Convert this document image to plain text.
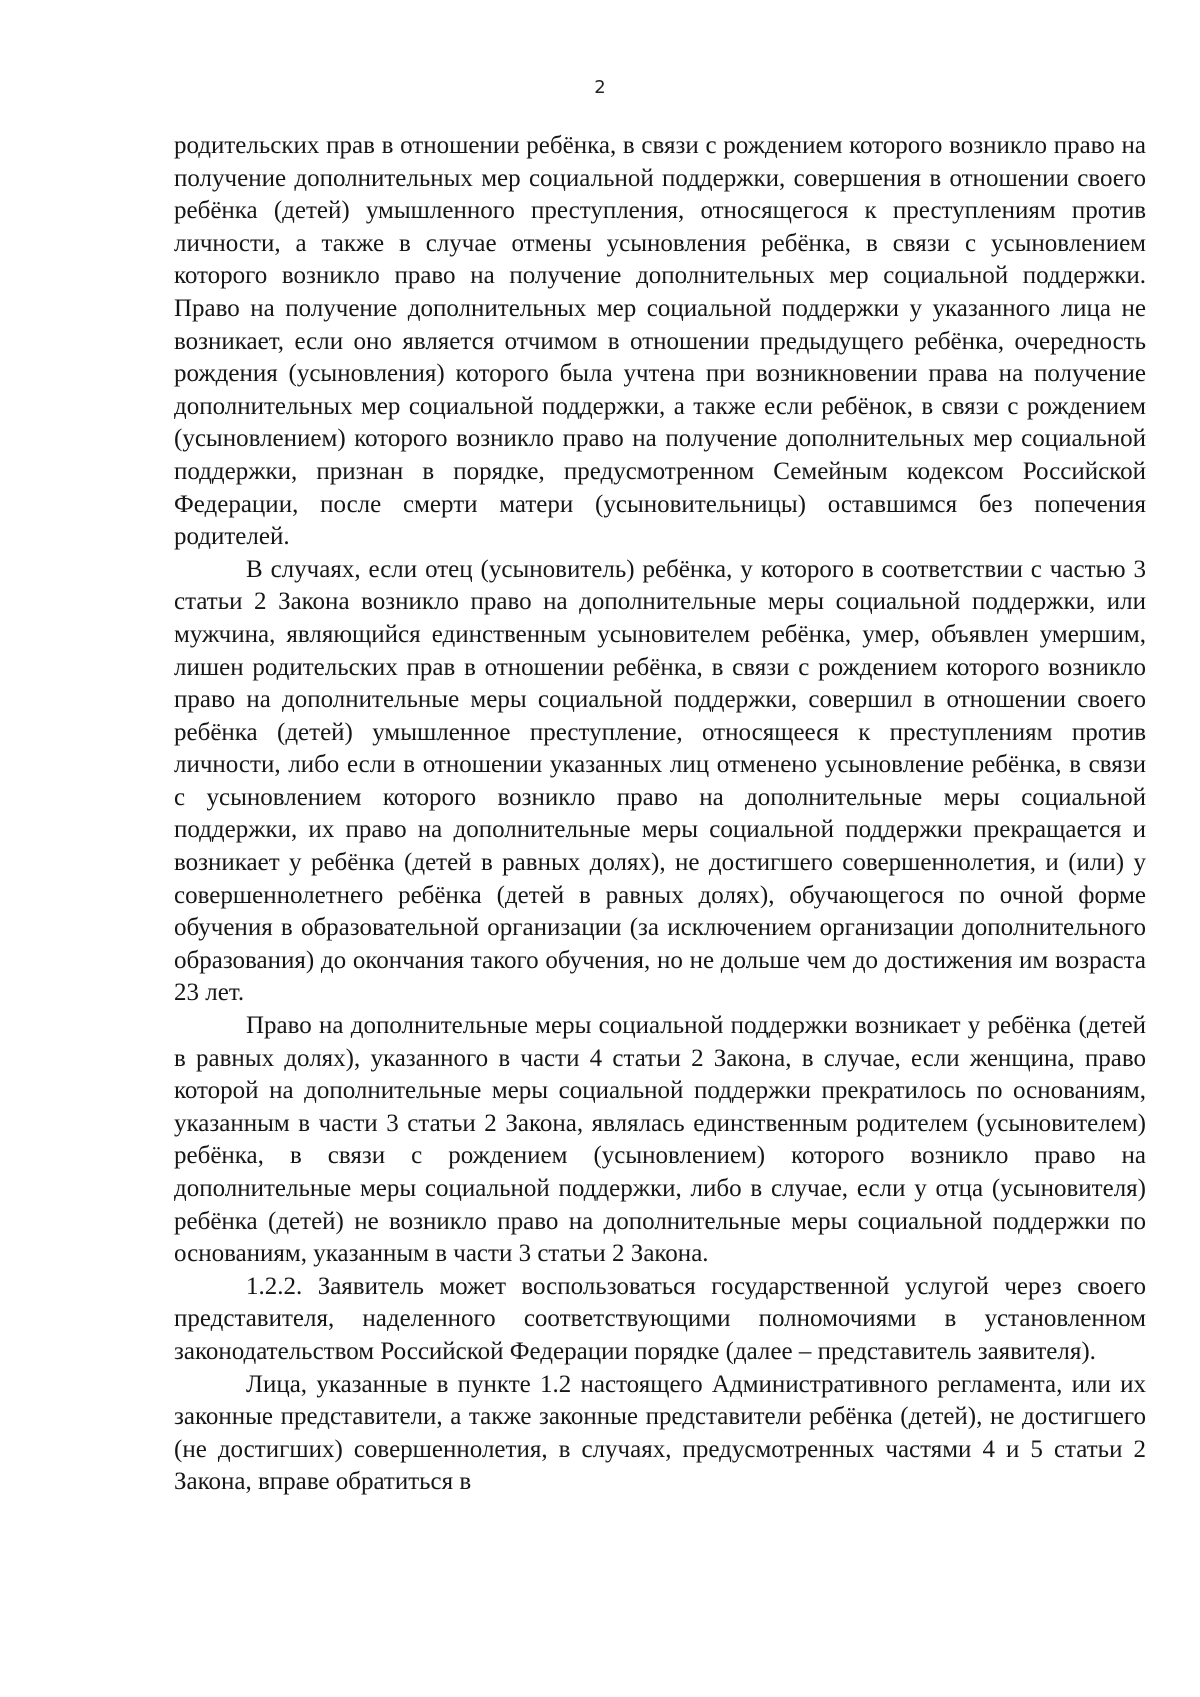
2

родительских прав в отношении ребёнка, в связи с рождением которого возникло право на получение дополнительных мер социальной поддержки, совершения в отношении своего ребёнка (детей) умышленного преступления, относящегося к преступлениям против личности, а также в случае отмены усыновления ребёнка, в связи с усыновлением которого возникло право на получение дополнительных мер социальной поддержки. Право на получение дополнительных мер социальной поддержки у указанного лица не возникает, если оно является отчимом в отношении предыдущего ребёнка, очередность рождения (усыновления) которого была учтена при возникновении права на получение дополнительных мер социальной поддержки, а также если ребёнок, в связи с рождением (усыновлением) которого возникло право на получение дополнительных мер социальной поддержки, признан в порядке, предусмотренном Семейным кодексом Российской Федерации, после смерти матери (усыновительницы) оставшимся без попечения родителей.

В случаях, если отец (усыновитель) ребёнка, у которого в соответствии с частью 3 статьи 2 Закона возникло право на дополнительные меры социальной поддержки, или мужчина, являющийся единственным усыновителем ребёнка, умер, объявлен умершим, лишен родительских прав в отношении ребёнка, в связи с рождением которого возникло право на дополнительные меры социальной поддержки, совершил в отношении своего ребёнка (детей) умышленное преступление, относящееся к преступлениям против личности, либо если в отношении указанных лиц отменено усыновление ребёнка, в связи с усыновлением которого возникло право на дополнительные меры социальной поддержки, их право на дополнительные меры социальной поддержки прекращается и возникает у ребёнка (детей в равных долях), не достигшего совершеннолетия, и (или) у совершеннолетнего ребёнка (детей в равных долях), обучающегося по очной форме обучения в образовательной организации (за исключением организации дополнительного образования) до окончания такого обучения, но не дольше чем до достижения им возраста 23 лет.

Право на дополнительные меры социальной поддержки возникает у ребёнка (детей в равных долях), указанного в части 4 статьи 2 Закона, в случае, если женщина, право которой на дополнительные меры социальной поддержки прекратилось по основаниям, указанным в части 3 статьи 2 Закона, являлась единственным родителем (усыновителем) ребёнка, в связи с рождением (усыновлением) которого возникло право на дополнительные меры социальной поддержки, либо в случае, если у отца (усыновителя) ребёнка (детей) не возникло право на дополнительные меры социальной поддержки по основаниям, указанным в части 3 статьи 2 Закона.

1.2.2. Заявитель может воспользоваться государственной услугой через своего представителя, наделенного соответствующими полномочиями в установленном законодательством Российской Федерации порядке (далее – представитель заявителя).

Лица, указанные в пункте 1.2 настоящего Административного регламента, или их законные представители, а также законные представители ребёнка (детей), не достигшего (не достигших) совершеннолетия, в случаях, предусмотренных частями 4 и 5 статьи 2 Закона, вправе обратиться в
